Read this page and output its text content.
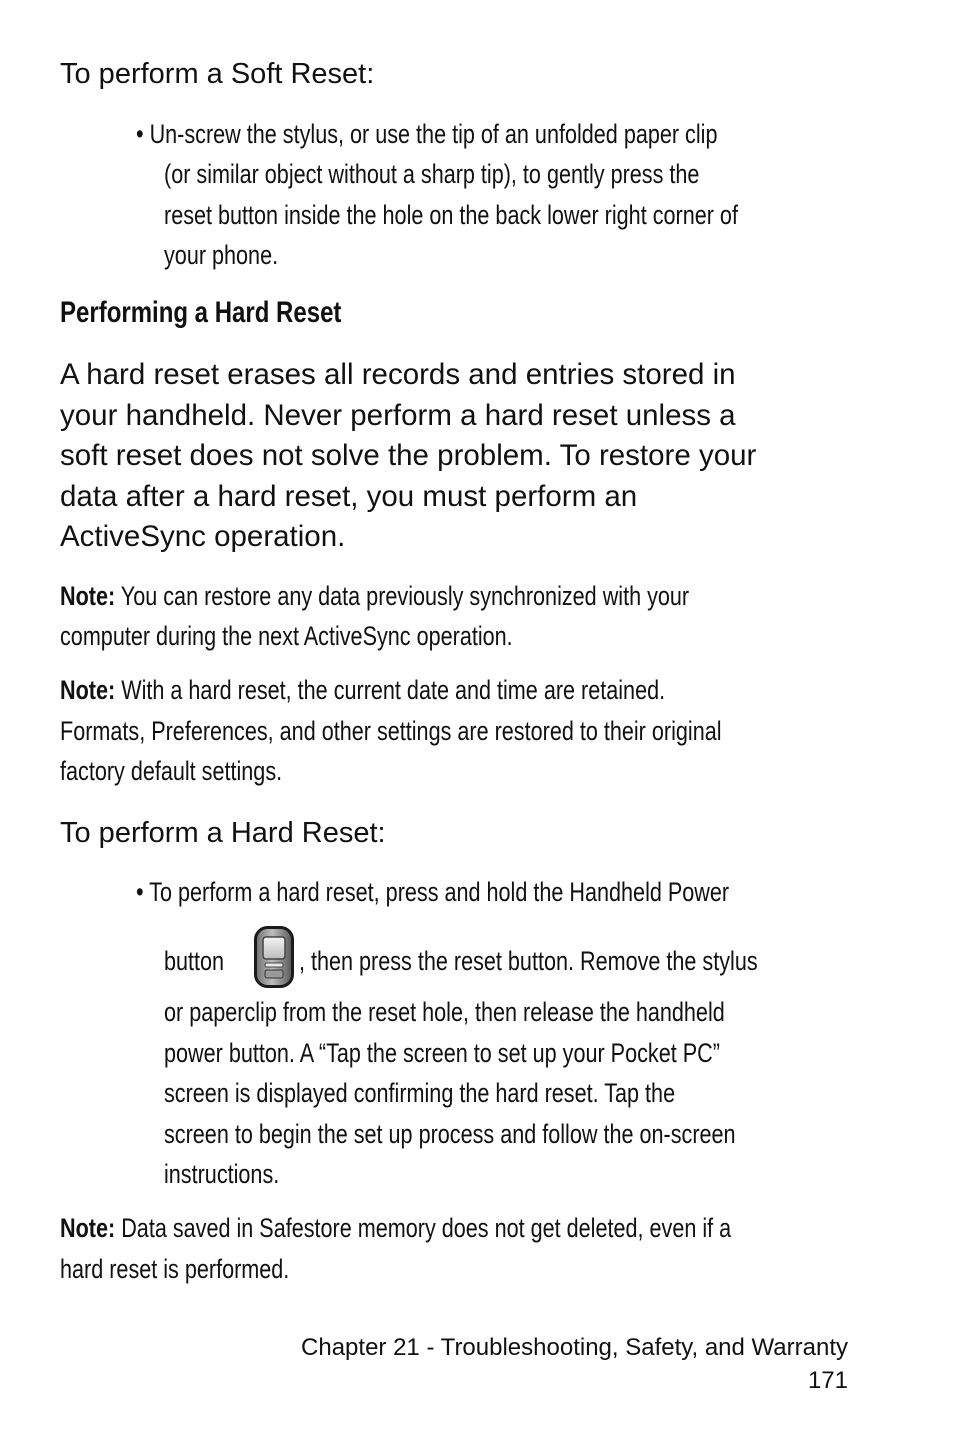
To perform a Soft Reset:

• Un-screw the stylus, or use the tip of an unfolded paper clip
(or similar object without a sharp tip), to gently press the
reset button inside the hole on the back lower right corner of
your phone.
Performing a Hard Reset
A hard reset erases all records and entries stored in
your handheld. Never perform a hard reset unless a
soft reset does not solve the problem. To restore your
data after a hard reset, you must perform an
ActiveSync operation.
Note: You can restore any data previously synchronized with your
computer during the next ActiveSync operation.
Note: With a hard reset, the current date and time are retained.
Formats, Preferences, and other settings are restored to their original
factory default settings.

To perform a Hard Reset:

• To perform a hard reset, press and hold the Handheld Power
button	, then press the reset button. Remove the stylus
or paperclip from the reset hole, then release the handheld
power button. A “Tap the screen to set up your Pocket PC”
screen is displayed confirming the hard reset. Tap the
screen to begin the set up process and follow the on-screen
instructions.
Note: Data saved in Safestore memory does not get deleted, even if a
hard reset is performed.
Chapter 21 - Troubleshooting, Safety, and Warranty
171
